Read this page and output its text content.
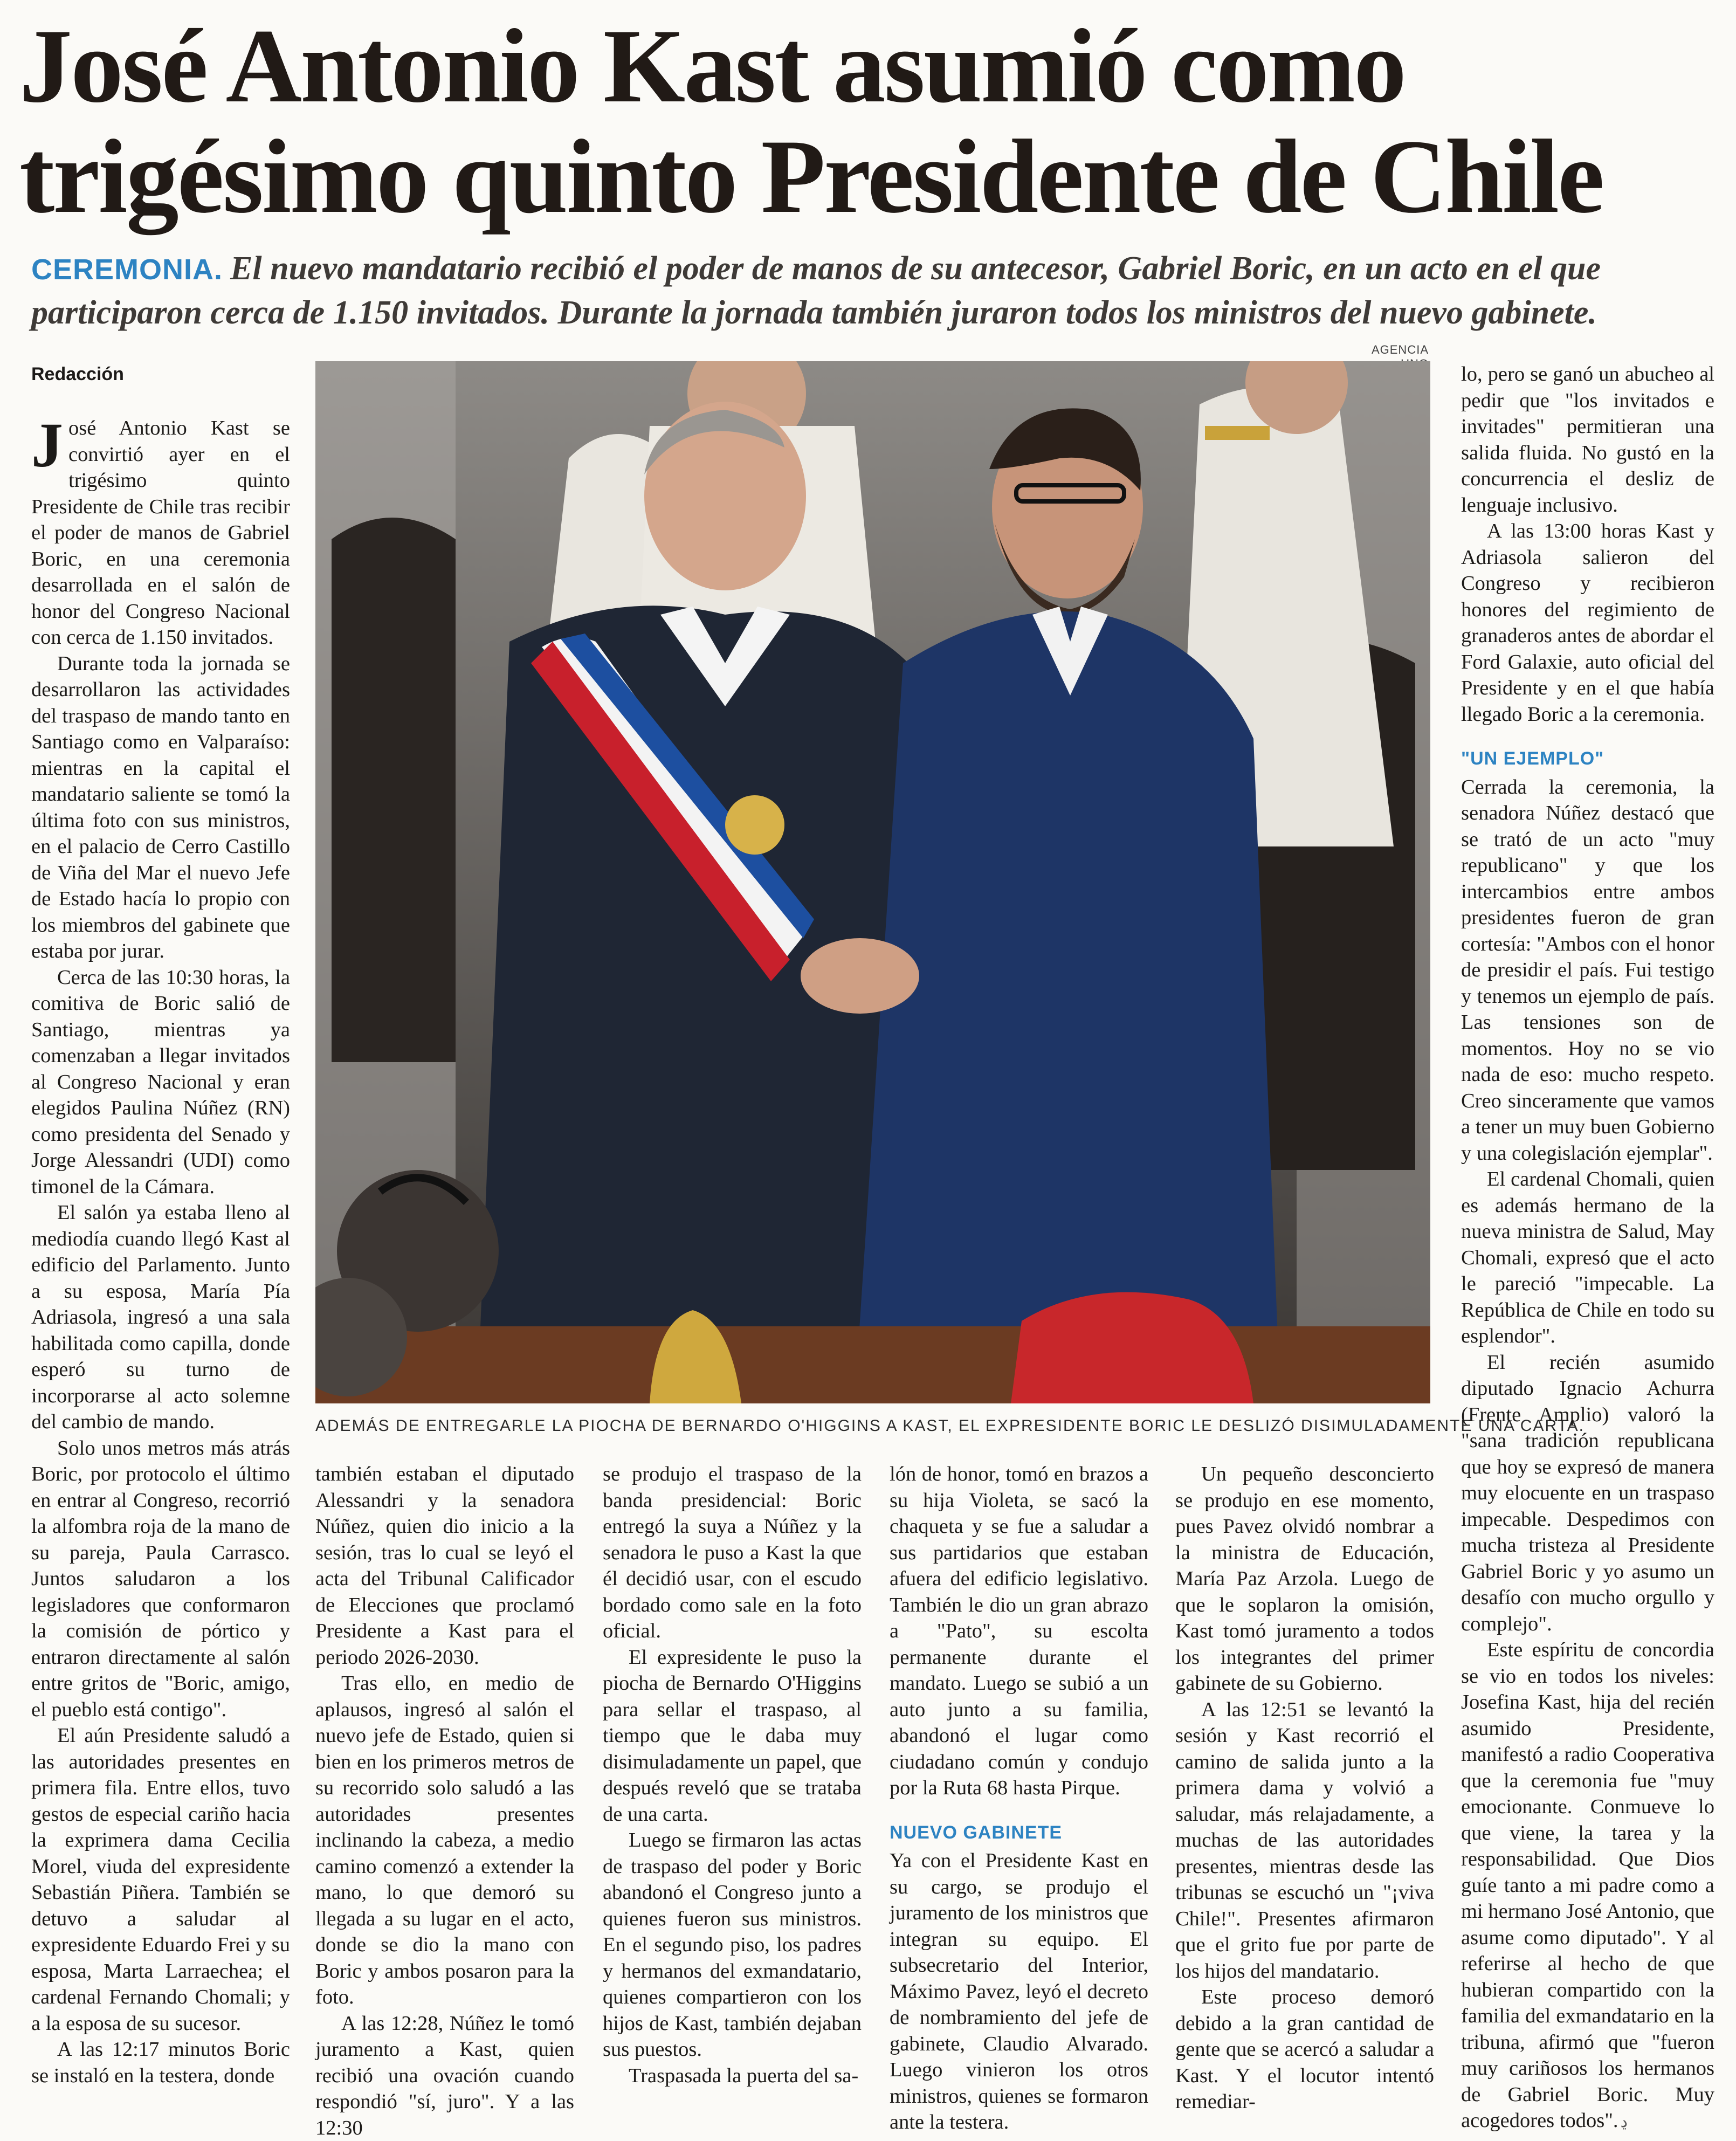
José Antonio Kast asumió como trigésimo quinto Presidente de Chile
CEREMONIA. El nuevo mandatario recibió el poder de manos de su antecesor, Gabriel Boric, en un acto en el que participaron cerca de 1.150 invitados. Durante la jornada también juraron todos los ministros del nuevo gabinete.
AGENCIA
ADEMÁS DE ENTREGARLE LA PIOCHA DE BERNARDO O'HIGGINS A KAST, EL EXPRESIDENTE BORIC LE DESLIZÓ DISIMULADAMENTE UNA CARTA.
Redacción

José Antonio Kast se convirtió ayer en el trigésimo quinto Presidente de Chile tras recibir el poder de manos de Gabriel Boric, en una ceremonia desarrollada en el salón de honor del Congreso Nacional con cerca de 1.150 invitados.

Durante toda la jornada se desarrollaron las actividades del traspaso de mando tanto en Santiago como en Valparaíso: mientras en la capital el mandatario saliente se tomó la última foto con sus ministros, en el palacio de Cerro Castillo de Viña del Mar el nuevo Jefe de Estado hacía lo propio con los miembros del gabinete que estaba por jurar.

Cerca de las 10:30 horas, la comitiva de Boric salió de Santiago, mientras ya comenzaban a llegar invitados al Congreso Nacional y eran elegidos Paulina Núñez (RN) como presidenta del Senado y Jorge Alessandri (UDI) como timonel de la Cámara.

El salón ya estaba lleno al mediodía cuando llegó Kast al edificio del Parlamento. Junto a su esposa, María Pía Adriasola, ingresó a una sala habilitada como capilla, donde esperó su turno de incorporarse al acto solemne del cambio de mando.

Solo unos metros más atrás Boric, por protocolo el último en entrar al Congreso, recorrió la alfombra roja de la mano de su pareja, Paula Carrasco. Juntos saludaron a los legisladores que conformaron la comisión de pórtico y entraron directamente al salón entre gritos de "Boric, amigo, el pueblo está contigo".

El aún Presidente saludó a las autoridades presentes en primera fila. Entre ellos, tuvo gestos de especial cariño hacia la exprimera dama Cecilia Morel, viuda del expresidente Sebastián Piñera. También se detuvo a saludar al expresidente Eduardo Frei y su esposa, Marta Larraechea; el cardenal Fernando Chomali; y a la esposa de su sucesor.

A las 12:17 minutos Boric se instaló en la testera, donde

también estaban el diputado Alessandri y la senadora Núñez, quien dio inicio a la sesión, tras lo cual se leyó el acta del Tribunal Calificador de Elecciones que proclamó Presidente a Kast para el periodo 2026-2030.

Tras ello, en medio de aplausos, ingresó al salón el nuevo jefe de Estado, quien si bien en los primeros metros de su recorrido solo saludó a las autoridades presentes inclinando la cabeza, a medio camino comenzó a extender la mano, lo que demoró su llegada a su lugar en el acto, donde se dio la mano con Boric y ambos posaron para la foto.

A las 12:28, Núñez le tomó juramento a Kast, quien recibió una ovación cuando respondió "sí, juro". Y a las 12:30

se produjo el traspaso de la banda presidencial: Boric entregó la suya a Núñez y la senadora le puso a Kast la que él decidió usar, con el escudo bordado como sale en la foto oficial.

El expresidente le puso la piocha de Bernardo O'Higgins para sellar el traspaso, al tiempo que le daba muy disimuladamente un papel, que después reveló que se trataba de una carta.

Luego se firmaron las actas de traspaso del poder y Boric abandonó el Congreso junto a quienes fueron sus ministros. En el segundo piso, los padres y hermanos del exmandatario, quienes compartieron con los hijos de Kast, también dejaban sus puestos.

Traspasada la puerta del sa-

lón de honor, tomó en brazos a su hija Violeta, se sacó la chaqueta y se fue a saludar a sus partidarios que estaban afuera del edificio legislativo. También le dio un gran abrazo a "Pato", su escolta permanente durante el mandato. Luego se subió a un auto junto a su familia, abandonó el lugar como ciudadano común y condujo por la Ruta 68 hasta Pirque.

NUEVO GABINETE

Ya con el Presidente Kast en su cargo, se produjo el juramento de los ministros que integran su equipo. El subsecretario del Interior, Máximo Pavez, leyó el decreto de nombramiento del jefe de gabinete, Claudio Alvarado. Luego vinieron los otros ministros, quienes se formaron ante la testera.

Un pequeño desconcierto se produjo en ese momento, pues Pavez olvidó nombrar a la ministra de Educación, María Paz Arzola. Luego de que le soplaron la omisión, Kast tomó juramento a todos los integrantes del primer gabinete de su Gobierno.

A las 12:51 se levantó la sesión y Kast recorrió el camino de salida junto a la primera dama y volvió a saludar, más relajadamente, a muchas de las autoridades presentes, mientras desde las tribunas se escuchó un "¡viva Chile!". Presentes afirmaron que el grito fue por parte de los hijos del mandatario.

Este proceso demoró debido a la gran cantidad de gente que se acercó a saludar a Kast. Y el locutor intentó remediar-

lo, pero se ganó un abucheo al pedir que "los invitados e invitades" permitieran una salida fluida. No gustó en la concurrencia el desliz de lenguaje inclusivo.

A las 13:00 horas Kast y Adriasola salieron del Congreso y recibieron honores del regimiento de granaderos antes de abordar el Ford Galaxie, auto oficial del Presidente y en el que había llegado Boric a la ceremonia.

"UN EJEMPLO"

Cerrada la ceremonia, la senadora Núñez destacó que se trató de un acto "muy republicano" y que los intercambios entre ambos presidentes fueron de gran cortesía: "Ambos con el honor de presidir el país. Fui testigo y tenemos un ejemplo de país. Las tensiones son de momentos. Hoy no se vio nada de eso: mucho respeto. Creo sinceramente que vamos a tener un muy buen Gobierno y una colegislación ejemplar".

El cardenal Chomali, quien es además hermano de la nueva ministra de Salud, May Chomali, expresó que el acto le pareció "impecable. La República de Chile en todo su esplendor".

El recién asumido diputado Ignacio Achurra (Frente Amplio) valoró la "sana tradición republicana que hoy se expresó de manera muy elocuente en un traspaso impecable. Despedimos con mucha tristeza al Presidente Gabriel Boric y yo asumo un desafío con mucho orgullo y complejo".

Este espíritu de concordia se vio en todos los niveles: Josefina Kast, hija del recién asumido Presidente, manifestó a radio Cooperativa que la ceremonia fue "muy emocionante. Conmueve lo que viene, la tarea y la responsabilidad. Que Dios guíe tanto a mi padre como a mi hermano José Antonio, que asume como diputado". Y al referirse al hecho de que hubieran compartido con la familia del exmandatario en la tribuna, afirmó que "fueron muy cariñosos los hermanos de Gabriel Boric. Muy acogedores todos". ﮂ
